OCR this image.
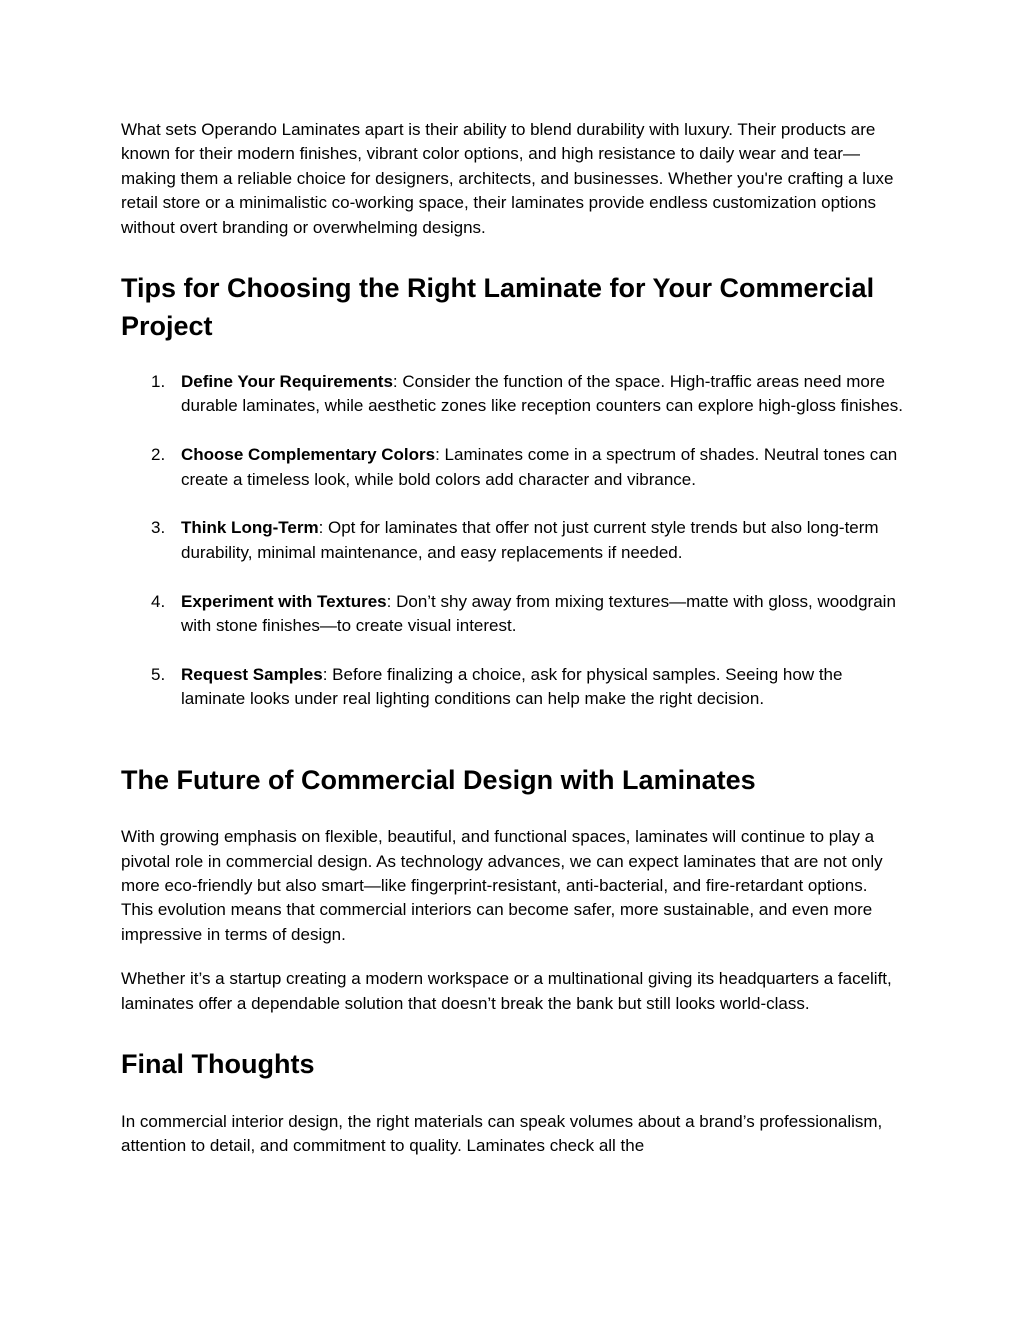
What sets Operando Laminates apart is their ability to blend durability with luxury. Their products are known for their modern finishes, vibrant color options, and high resistance to daily wear and tear—making them a reliable choice for designers, architects, and businesses. Whether you're crafting a luxe retail store or a minimalistic co-working space, their laminates provide endless customization options without overt branding or overwhelming designs.

Tips for Choosing the Right Laminate for Your Commercial Project
1. Define Your Requirements: Consider the function of the space. High-traffic areas need more durable laminates, while aesthetic zones like reception counters can explore high-gloss finishes.
2. Choose Complementary Colors: Laminates come in a spectrum of shades. Neutral tones can create a timeless look, while bold colors add character and vibrance.
3. Think Long-Term: Opt for laminates that offer not just current style trends but also long-term durability, minimal maintenance, and easy replacements if needed.
4. Experiment with Textures: Don’t shy away from mixing textures—matte with gloss, woodgrain with stone finishes—to create visual interest.
5. Request Samples: Before finalizing a choice, ask for physical samples. Seeing how the laminate looks under real lighting conditions can help make the right decision.
The Future of Commercial Design with Laminates

With growing emphasis on flexible, beautiful, and functional spaces, laminates will continue to play a pivotal role in commercial design. As technology advances, we can expect laminates that are not only more eco-friendly but also smart—like fingerprint-resistant, anti-bacterial, and fire-retardant options. This evolution means that commercial interiors can become safer, more sustainable, and even more impressive in terms of design.

Whether it’s a startup creating a modern workspace or a multinational giving its headquarters a facelift, laminates offer a dependable solution that doesn’t break the bank but still looks world-class.

Final Thoughts

In commercial interior design, the right materials can speak volumes about a brand’s professionalism, attention to detail, and commitment to quality. Laminates check all the
